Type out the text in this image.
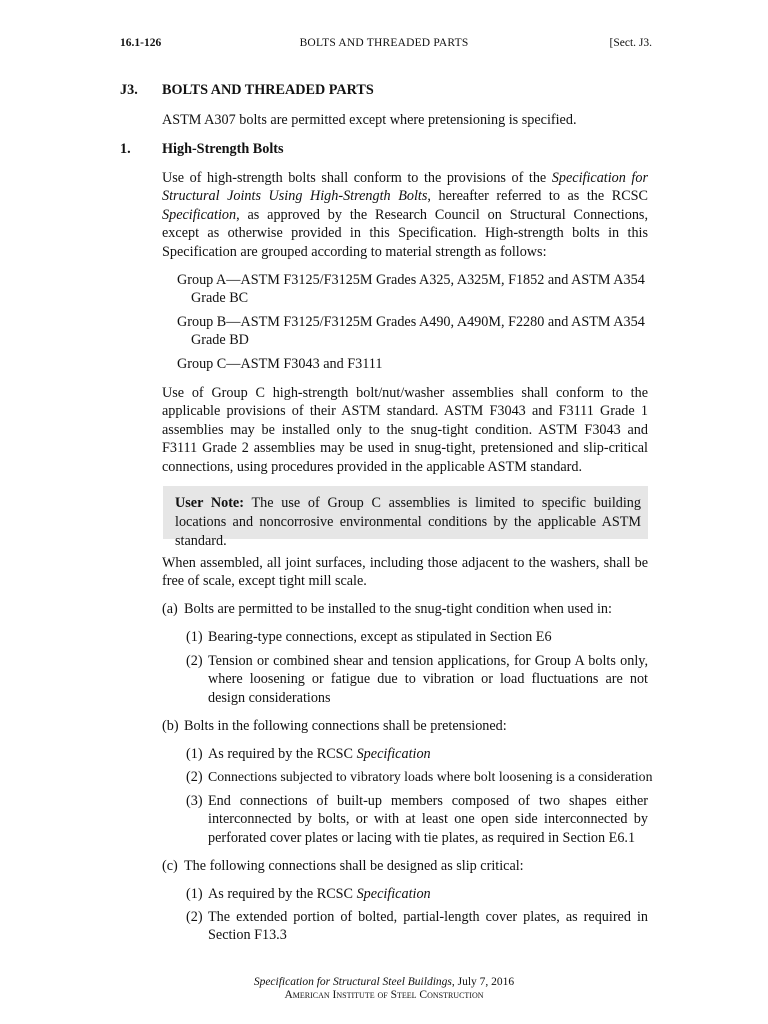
16.1-126	BOLTS AND THREADED PARTS	[Sect. J3.
J3. BOLTS AND THREADED PARTS
ASTM A307 bolts are permitted except where pretensioning is specified.
1. High-Strength Bolts
Use of high-strength bolts shall conform to the provisions of the Specification for Structural Joints Using High-Strength Bolts, hereafter referred to as the RCSC Specification, as approved by the Research Council on Structural Connections, except as otherwise provided in this Specification. High-strength bolts in this Specification are grouped according to material strength as follows:
Group A—ASTM F3125/F3125M Grades A325, A325M, F1852 and ASTM A354 Grade BC
Group B—ASTM F3125/F3125M Grades A490, A490M, F2280 and ASTM A354 Grade BD
Group C—ASTM F3043 and F3111
Use of Group C high-strength bolt/nut/washer assemblies shall conform to the applicable provisions of their ASTM standard. ASTM F3043 and F3111 Grade 1 assemblies may be installed only to the snug-tight condition. ASTM F3043 and F3111 Grade 2 assemblies may be used in snug-tight, pretensioned and slip-critical connections, using procedures provided in the applicable ASTM standard.
User Note: The use of Group C assemblies is limited to specific building locations and noncorrosive environmental conditions by the applicable ASTM standard.
When assembled, all joint surfaces, including those adjacent to the washers, shall be free of scale, except tight mill scale.
(a) Bolts are permitted to be installed to the snug-tight condition when used in:
(1) Bearing-type connections, except as stipulated in Section E6
(2) Tension or combined shear and tension applications, for Group A bolts only, where loosening or fatigue due to vibration or load fluctuations are not design considerations
(b) Bolts in the following connections shall be pretensioned:
(1) As required by the RCSC Specification
(2) Connections subjected to vibratory loads where bolt loosening is a consideration
(3) End connections of built-up members composed of two shapes either interconnected by bolts, or with at least one open side interconnected by perforated cover plates or lacing with tie plates, as required in Section E6.1
(c) The following connections shall be designed as slip critical:
(1) As required by the RCSC Specification
(2) The extended portion of bolted, partial-length cover plates, as required in Section F13.3
Specification for Structural Steel Buildings, July 7, 2016
American Institute of Steel Construction
